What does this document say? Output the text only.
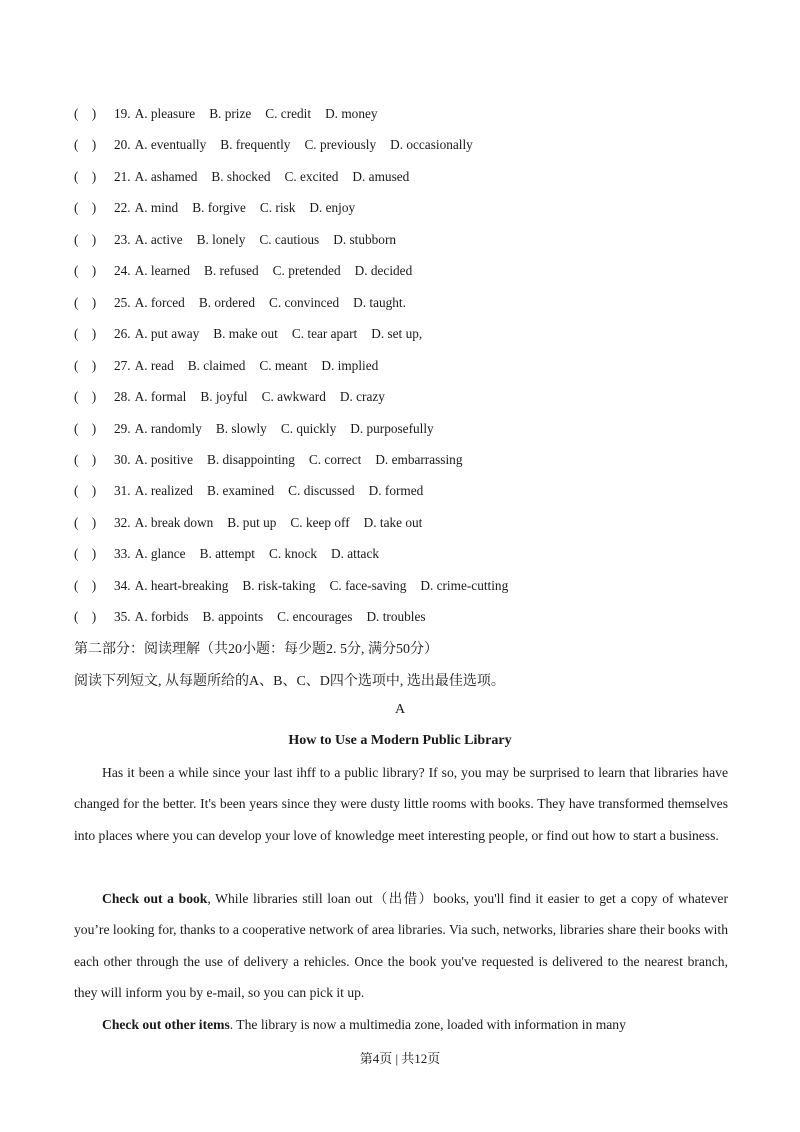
(　) 19. A. pleasure B. prize C. credit D. money
(　) 20. A. eventually B. frequently C. previously D. occasionally
(　) 21. A. ashamed B. shocked C. excited D. amused
(　) 22. A. mind B. forgive C. risk D. enjoy
(　) 23. A. active B. lonely C. cautious D. stubborn
(　) 24. A. learned B. refused C. pretended D. decided
(　) 25. A. forced B. ordered C. convinced D. taught.
(　) 26. A. put away B. make out C. tear apart D. set up,
(　) 27. A. read B. claimed C. meant D. implied
(　) 28. A. formal B. joyful C. awkward D. crazy
(　) 29. A. randomly B. slowly C. quickly D. purposefully
(　) 30. A. positive B. disappointing C. correct D. embarrassing
(　) 31. A. realized B. examined C. discussed D. formed
(　) 32. A. break down B. put up C. keep off D. take out
(　) 33. A. glance B. attempt C. knock D. attack
(　) 34. A. heart-breaking B. risk-taking C. face-saving D. crime-cutting
(　) 35. A. forbids B. appoints C. encourages D. troubles
第二部分：阅读理解（共20小题：每少题2. 5分, 满分50分）
阅读下列短文, 从每题所给的A、B、C、D四个选项中, 选出最佳选项。
A
How to Use a Modern Public Library

Has it been a while since your last ihff to a public library? If so, you may be surprised to learn that libraries have changed for the better. It's been years since they were dusty little rooms with books. They have transformed themselves into places where you can develop your love of knowledge meet interesting people, or find out how to start a business.

Check out a book, While libraries still loan out（出借）books, you'll find it easier to get a copy of whatever you’re looking for, thanks to a cooperative network of area libraries. Via such, networks, libraries share their books with each other through the use of delivery a rehicles. Once the book you've requested is delivered to the nearest branch, they will inform you by e-mail, so you can pick it up.

Check out other items. The library is now a multimedia zone, loaded with information in many

第4页 | 共12页
